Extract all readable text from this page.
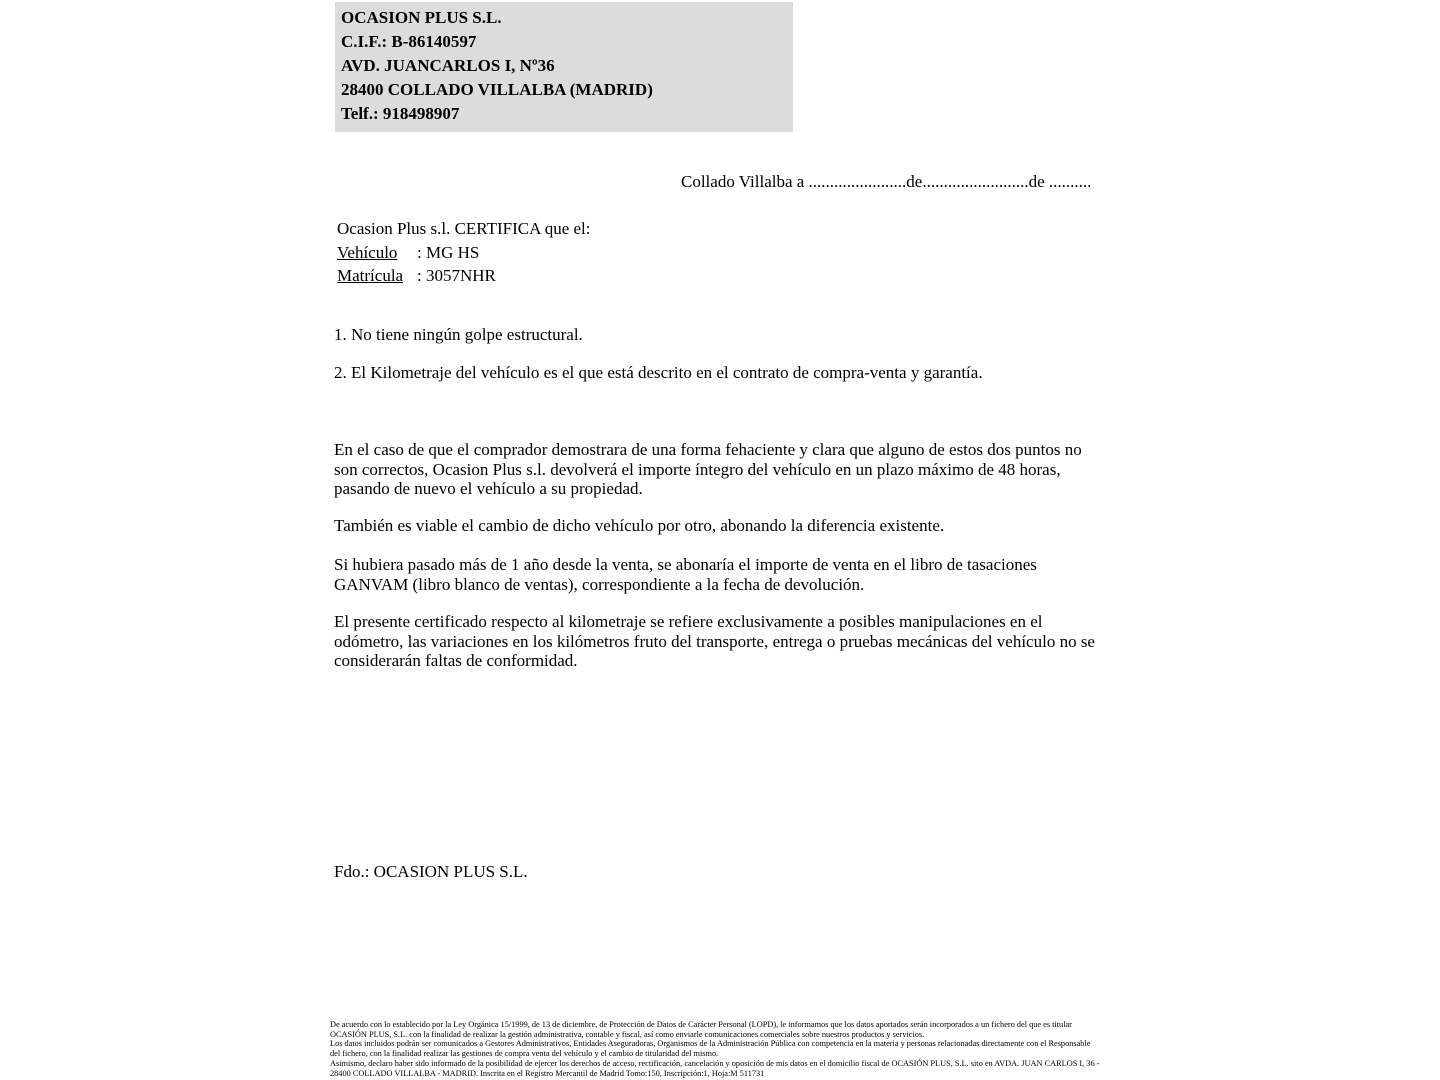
OCASION PLUS S.L.
C.I.F.: B-86140597
AVD. JUANCARLOS I, Nº36
28400 COLLADO VILLALBA (MADRID)
Telf.: 918498907
Collado Villalba a .......................de.........................de ..........
Ocasion Plus s.l. CERTIFICA que el:
Vehículo : MG HS
Matrícula : 3057NHR
1. No tiene ningún golpe estructural.
2. El Kilometraje del vehículo es el que está descrito en el contrato de compra-venta y garantía.
En el caso de que el comprador demostrara de una forma fehaciente y clara que alguno de estos dos puntos no son correctos, Ocasion Plus s.l. devolverá el importe íntegro del vehículo en un plazo máximo de 48 horas, pasando de nuevo el vehículo a su propiedad.
También es viable el cambio de dicho vehículo por otro, abonando la diferencia existente.
Si hubiera pasado más de 1 año desde la venta, se abonaría el importe de venta en el libro de tasaciones GANVAM (libro blanco de ventas), correspondiente a la fecha de devolución.
El presente certificado respecto al kilometraje se refiere exclusivamente a posibles manipulaciones en el odómetro, las variaciones en los kilómetros fruto del transporte, entrega o pruebas mecánicas del vehículo no se considerarán faltas de conformidad.
Fdo.: OCASION PLUS S.L.

De acuerdo con lo establecido por la Ley Orgánica 15/1999, de 13 de diciembre, de Protección de Datos de Carácter Personal (LOPD), le informamos que los datos aportados serán incorporados a un fichero del que es titular OCASIÓN PLUS, S.L. con la finalidad de realizar la gestión administrativa, contable y fiscal, así como enviarle comunicaciones comerciales sobre nuestros productos y servicios.

Los datos incluidos podrán ser comunicados a Gestores Administrativos, Entidades Aseguradoras, Organismos de la Administración Pública con competencia en la materia y personas relacionadas directamente con el Responsable del fichero, con la finalidad realizar las gestiones de compra venta del vehículo y el cambio de titularidad del mismo.

Asimismo, declaro haber sido informado de la posibilidad de ejercer los derechos de acceso, rectificación, cancelación y oposición de mis datos en el domicilio fiscal de OCASIÓN PLUS, S.L. sito en AVDA. JUAN CARLOS I, 36 - 28400 COLLADO VILLALBA - MADRID. Inscrita en el Registro Mercantil de Madrid Tomo:150, Inscripción:1, Hoja:M 511731
